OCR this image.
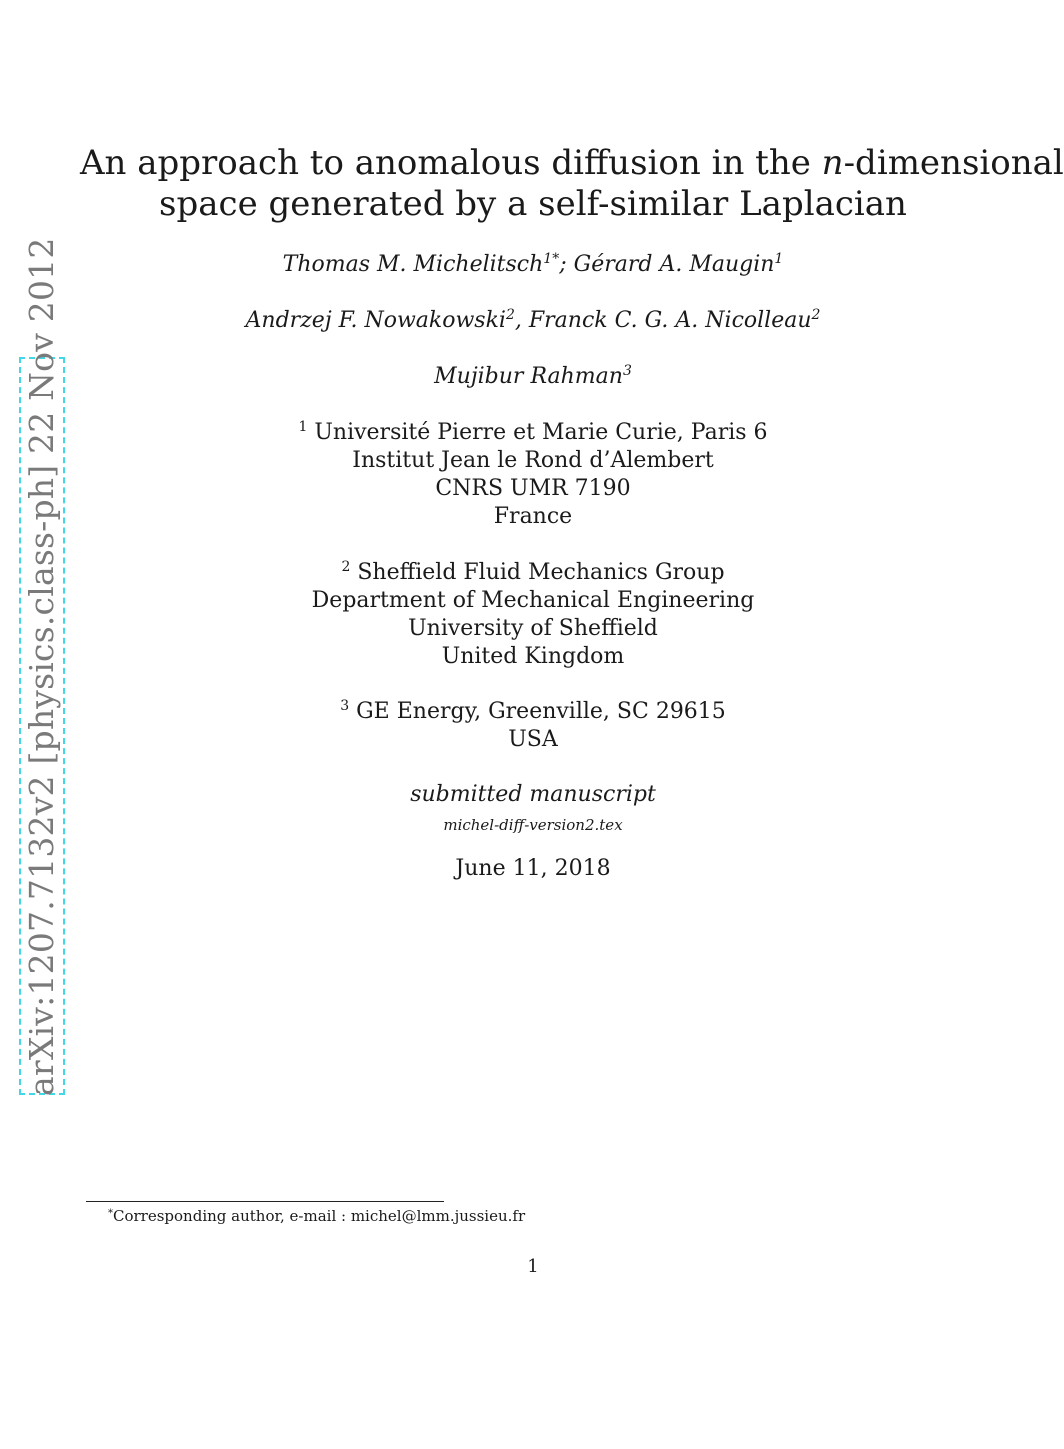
arXiv:1207.7132v2 [physics.class-ph] 22 Nov 2012
An approach to anomalous diffusion in the n-dimensional
space generated by a self-similar Laplacian
Thomas M. Michelitsch$^{1*}$; Gérard A. Maugin$^1$
Andrzej F. Nowakowski$^2$, Franck C. G. A. Nicolleau$^2$
Mujibur Rahman$^3$
$^1$ Université Pierre et Marie Curie, Paris 6
Institut Jean le Rond d’Alembert
CNRS UMR 7190
France
$^2$ Sheffield Fluid Mechanics Group
Department of Mechanical Engineering
University of Sheffield
United Kingdom
$^3$ GE Energy, Greenville, SC 29615
USA
submitted manuscript
michel-diff-version2.tex
June 11, 2018
*Corresponding author, e-mail : michel@lmm.jussieu.fr
1
